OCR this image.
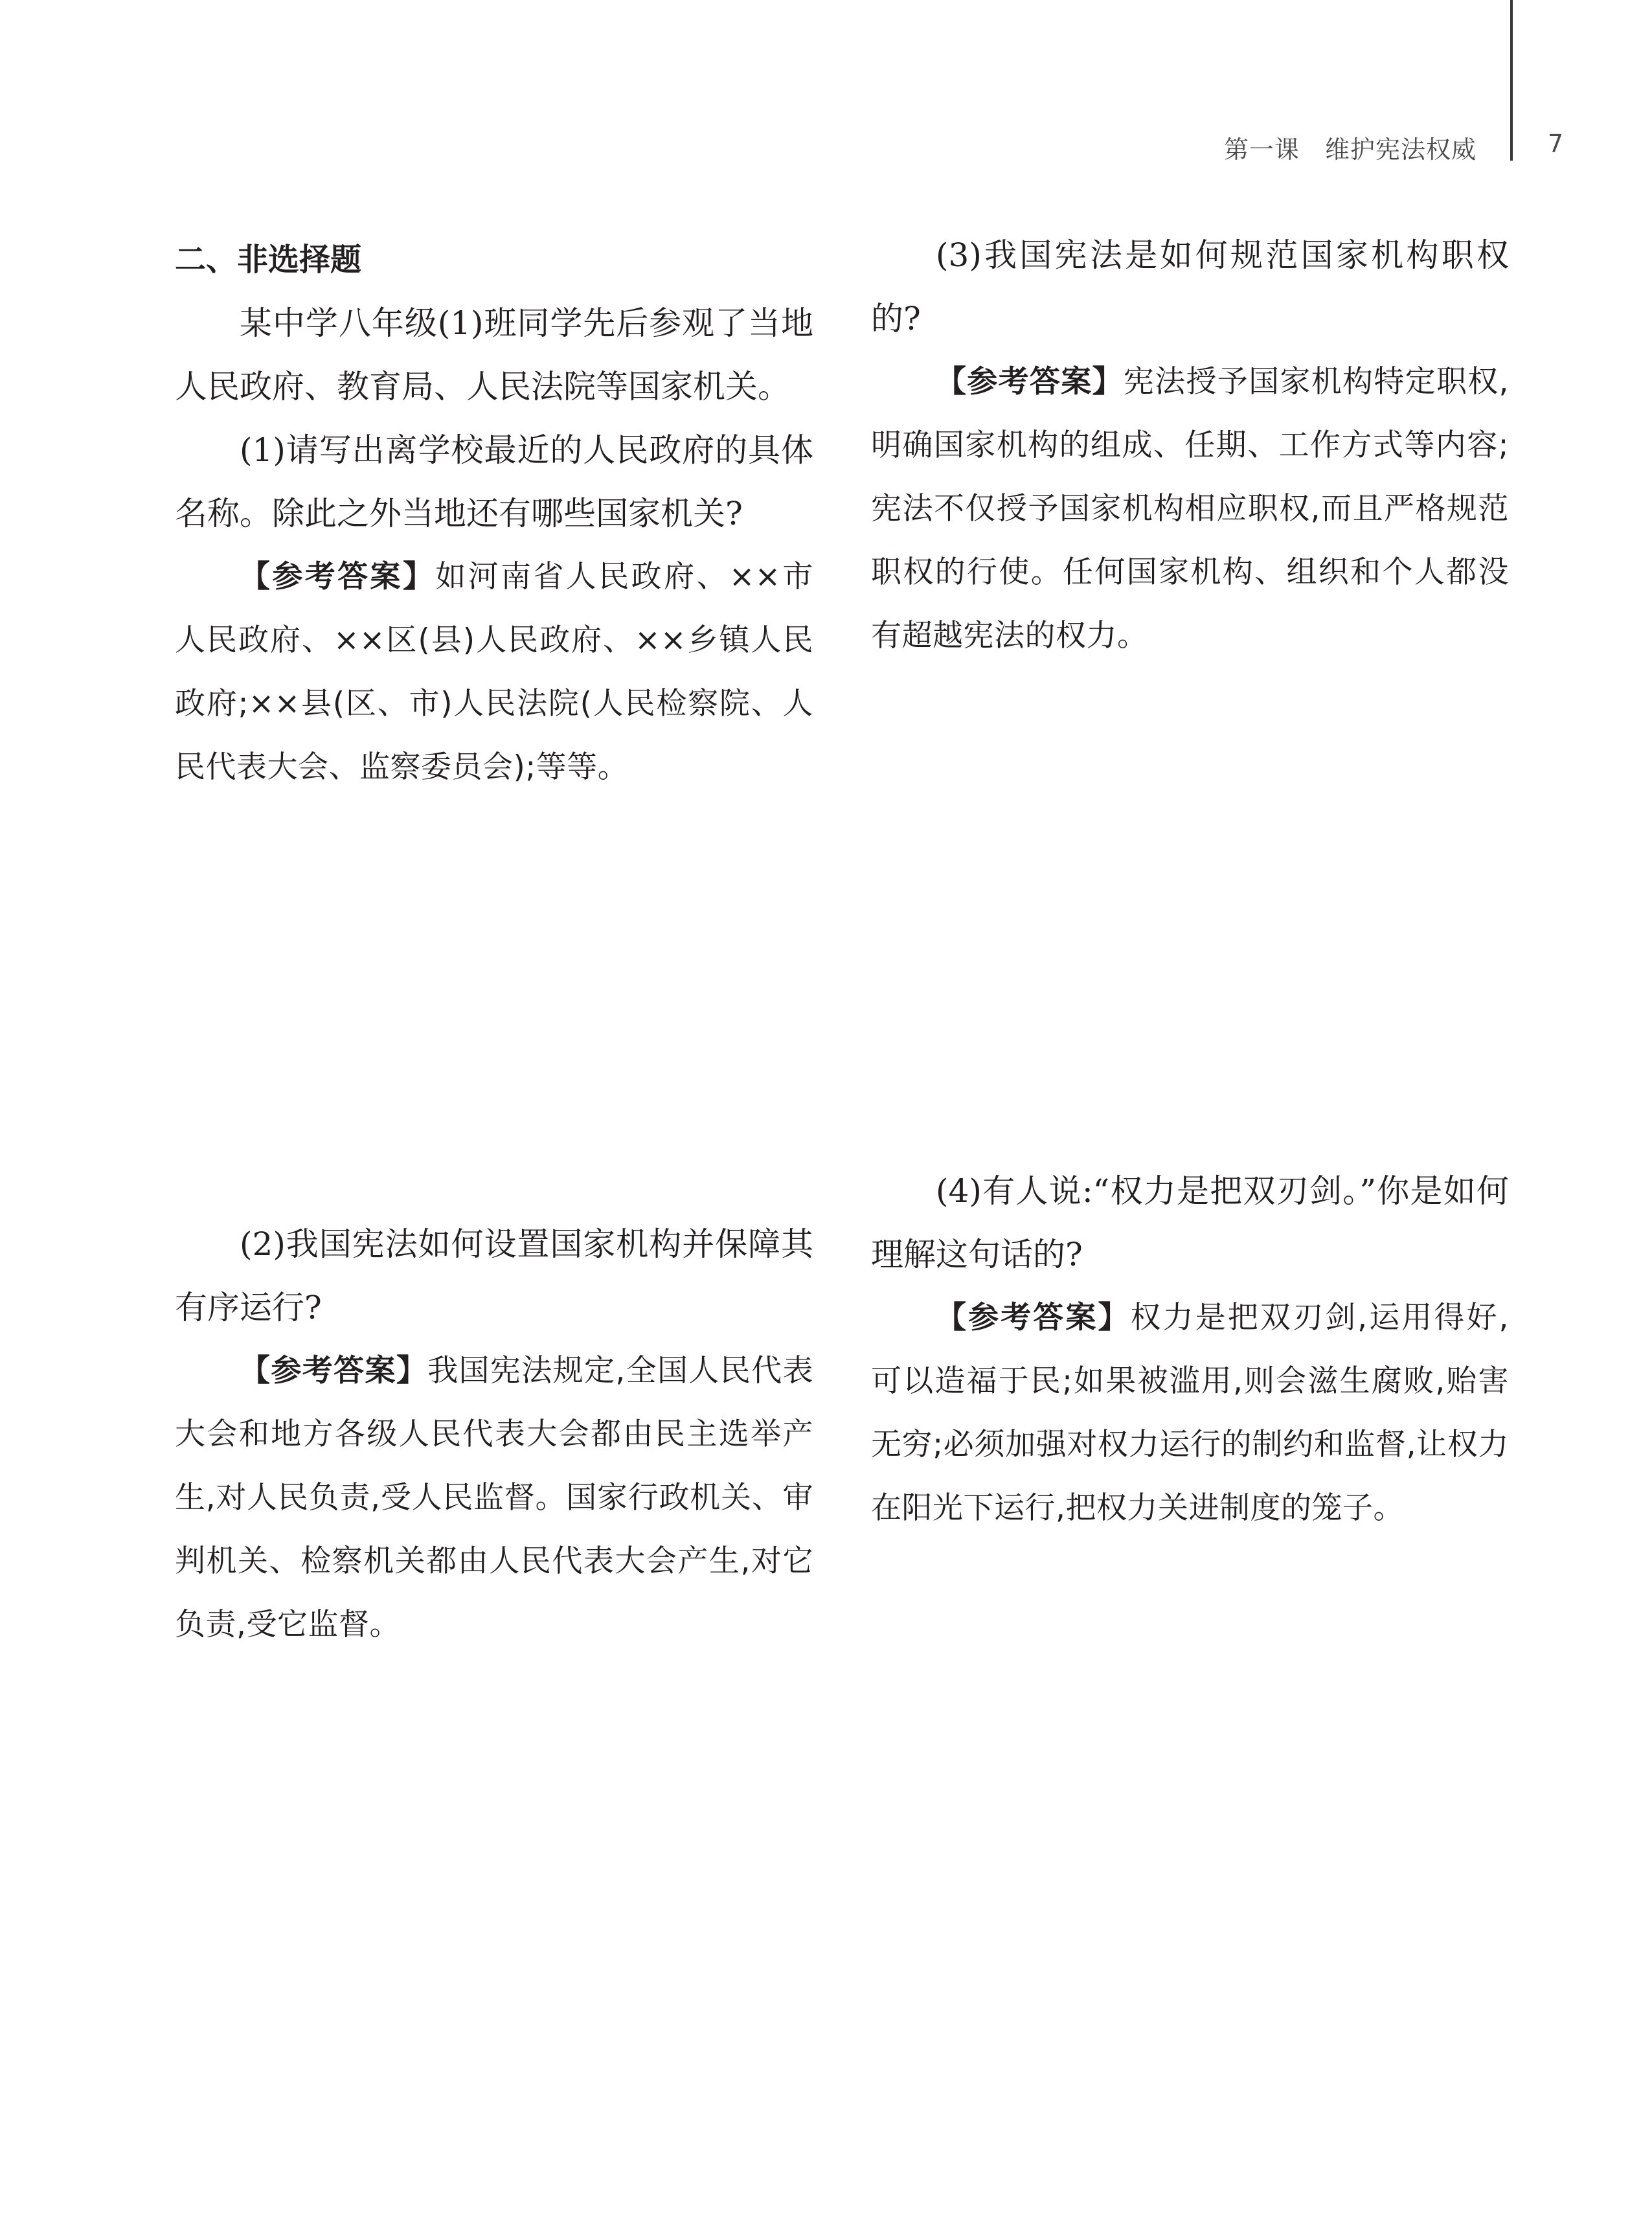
第一课　维护宪法权威	7

二、非选择题

某中学八年级(1)班同学先后参观了当地人民政府、教育局、人民法院等国家机关。

(1)请写出离学校最近的人民政府的具体名称。除此之外当地还有哪些国家机关?

【参考答案】如河南省人民政府、××市人民政府、××区(县)人民政府、××乡镇人民政府;××县(区、市)人民法院(人民检察院、人民代表大会、监察委员会);等等。

(2)我国宪法如何设置国家机构并保障其有序运行?

【参考答案】我国宪法规定,全国人民代表大会和地方各级人民代表大会都由民主选举产生,对人民负责,受人民监督。国家行政机关、审判机关、检察机关都由人民代表大会产生,对它负责,受它监督。

(3)我国宪法是如何规范国家机构职权的?

【参考答案】宪法授予国家机构特定职权,明确国家机构的组成、任期、工作方式等内容;宪法不仅授予国家机构相应职权,而且严格规范职权的行使。任何国家机构、组织和个人都没有超越宪法的权力。

(4)有人说:“权力是把双刃剑。”你是如何理解这句话的?

【参考答案】权力是把双刃剑,运用得好,可以造福于民;如果被滥用,则会滋生腐败,贻害无穷;必须加强对权力运行的制约和监督,让权力在阳光下运行,把权力关进制度的笼子。
